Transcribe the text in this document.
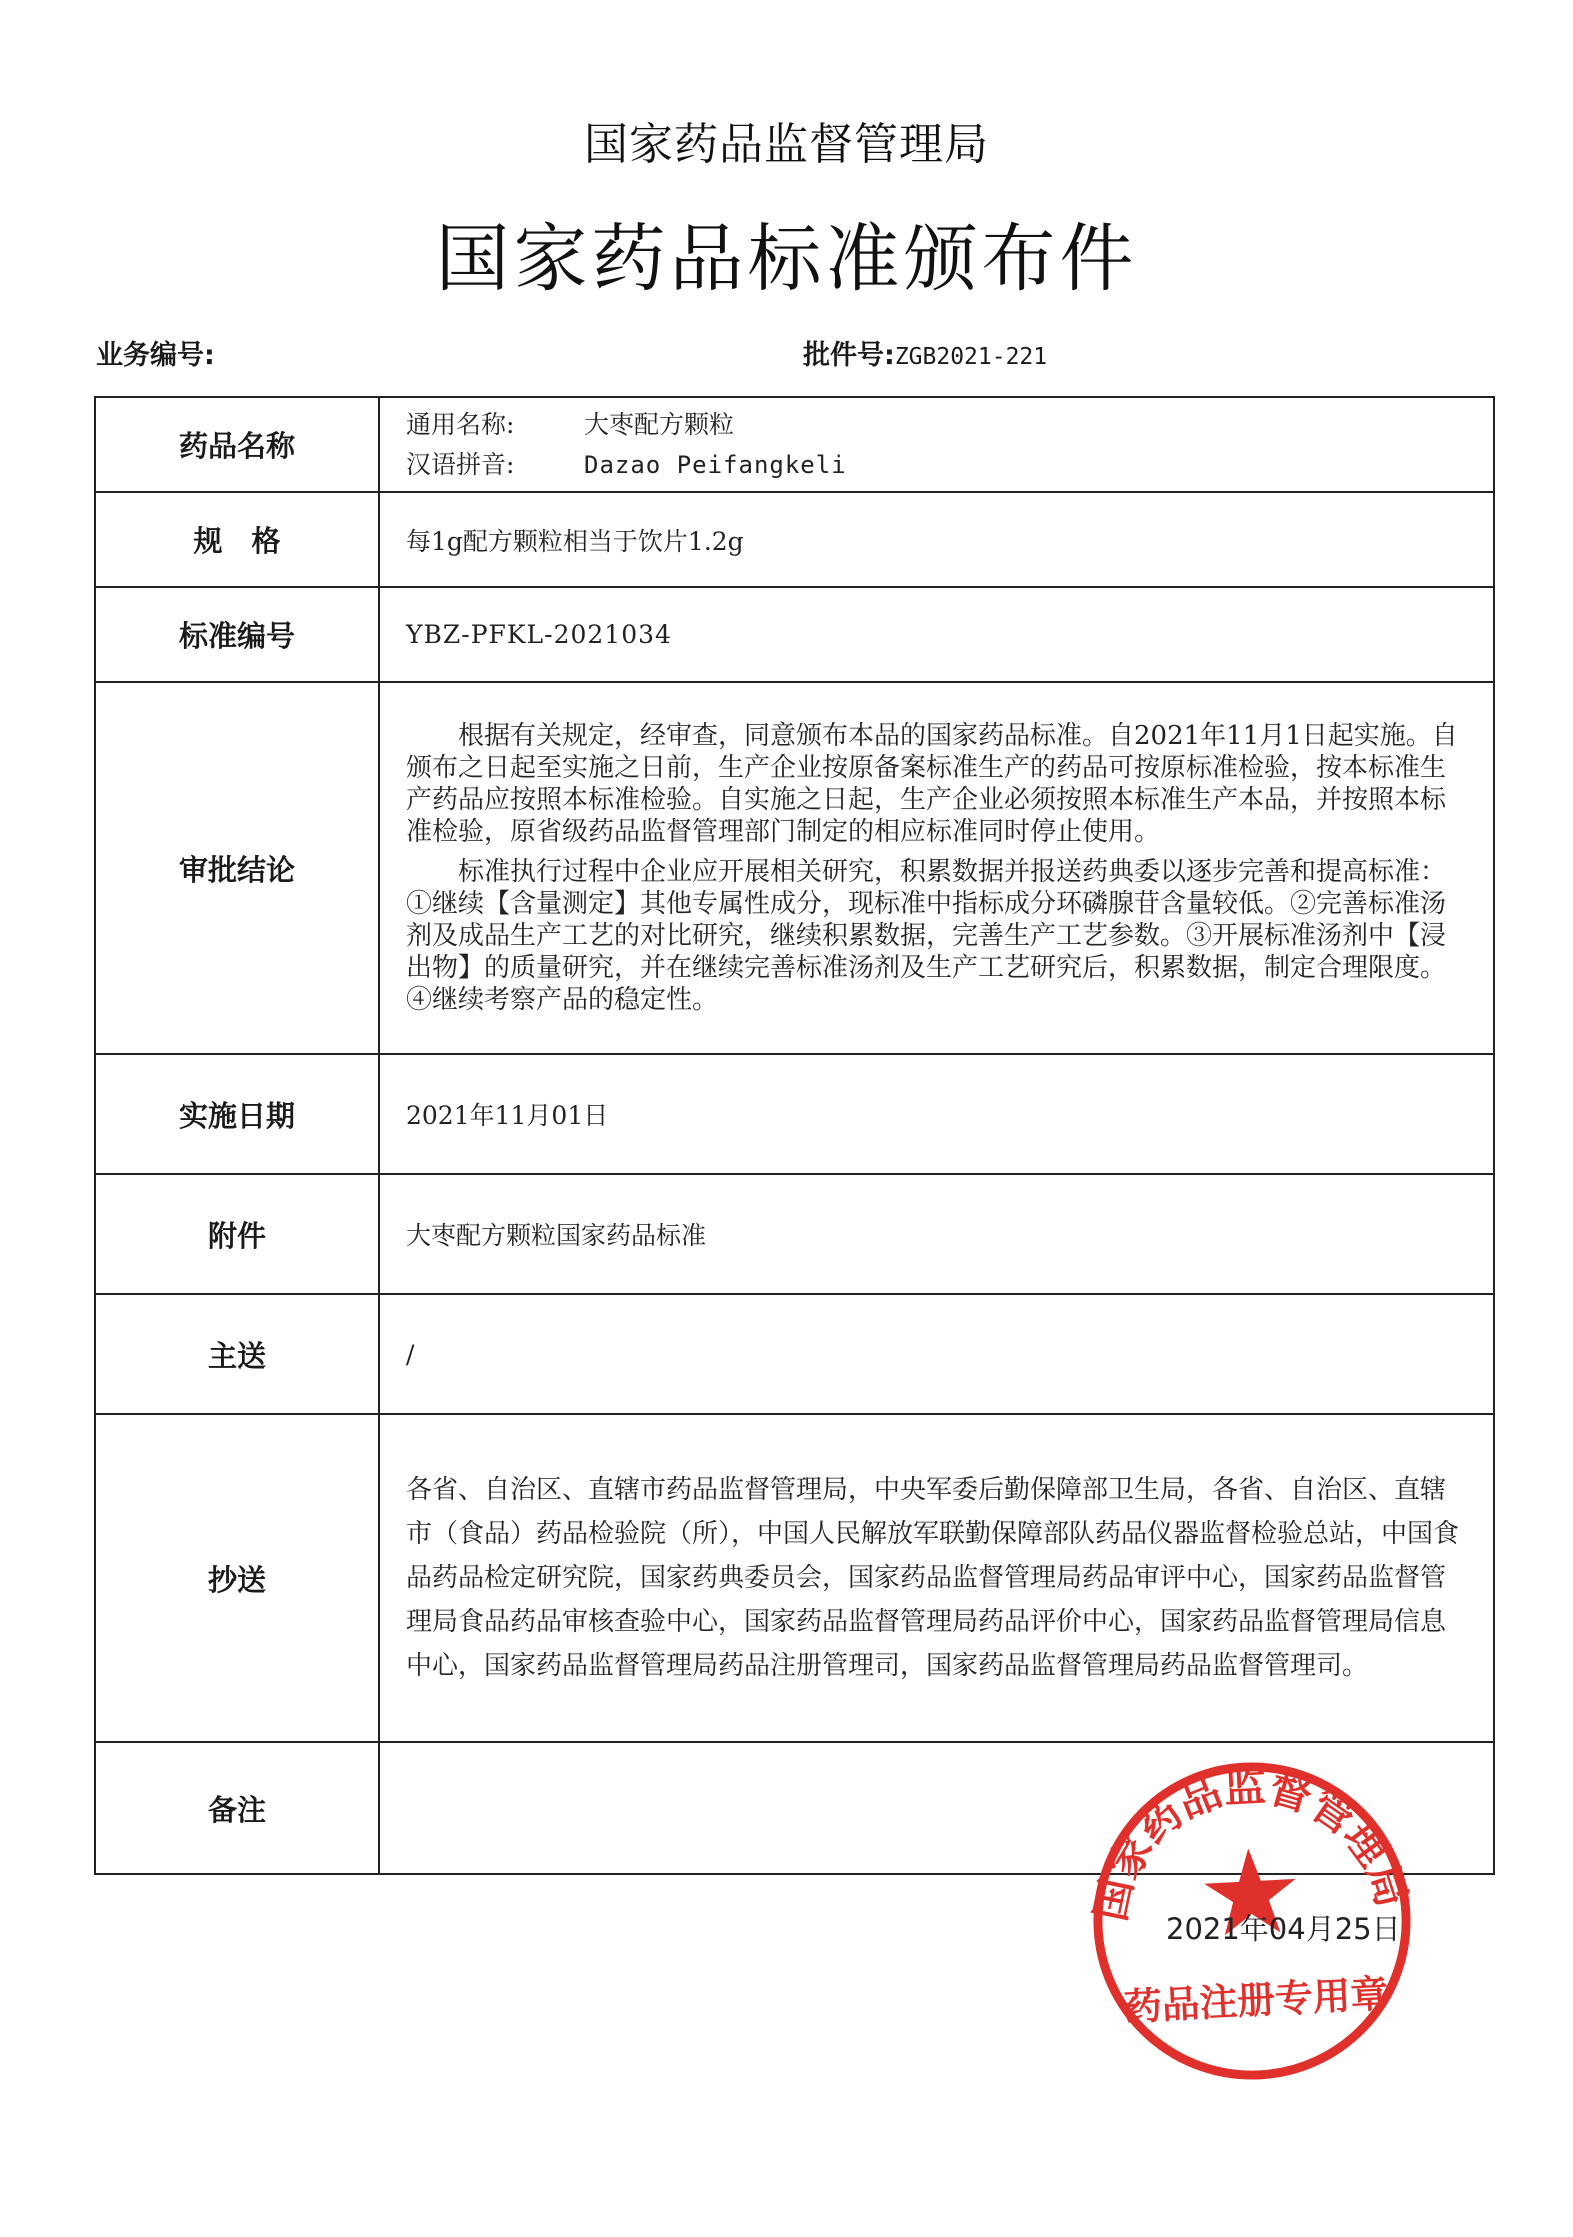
国家药品监督管理局
国家药品标准颁布件
业务编号:	批件号:ZGB2021-221
药品名称	通用名称: 大枣配方颗粒
汉语拼音: Dazao Peifangkeli

规　格	每1g配方颗粒相当于饮片1.2g
标准编号	YBZ-PFKL-2021034
审批结论	根据有关规定，经审查，同意颁布本品的国家药品标准。自2021年11月1日起实施。自颁布之日起至实施之日前，生产企业按原备案标准生产的药品可按原标准检验，按本标准生产药品应按照本标准检验。自实施之日起，生产企业必须按照本标准生产本品，并按照本标准检验，原省级药品监督管理部门制定的相应标准同时停止使用。

标准执行过程中企业应开展相关研究，积累数据并报送药典委以逐步完善和提高标准：①继续【含量测定】其他专属性成分，现标准中指标成分环磷腺苷含量较低。②完善标准汤剂及成品生产工艺的对比研究，继续积累数据，完善生产工艺参数。③开展标准汤剂中【浸出物】的质量研究，并在继续完善标准汤剂及生产工艺研究后，积累数据，制定合理限度。④继续考察产品的稳定性。

实施日期	2021年11月01日
附件	大枣配方颗粒国家药品标准
主送	/
抄送	各省、自治区、直辖市药品监督管理局，中央军委后勤保障部卫生局，各省、自治区、直辖市（食品）药品检验院（所），中国人民解放军联勤保障部队药品仪器监督检验总站，中国食品药品检定研究院，国家药典委员会，国家药品监督管理局药品审评中心，国家药品监督管理局食品药品审核查验中心，国家药品监督管理局药品评价中心，国家药品监督管理局信息中心，国家药品监督管理局药品注册管理司，国家药品监督管理局药品监督管理司。

备注	
国家药品监督管理局
药品注册专用章
2021年04月25日
